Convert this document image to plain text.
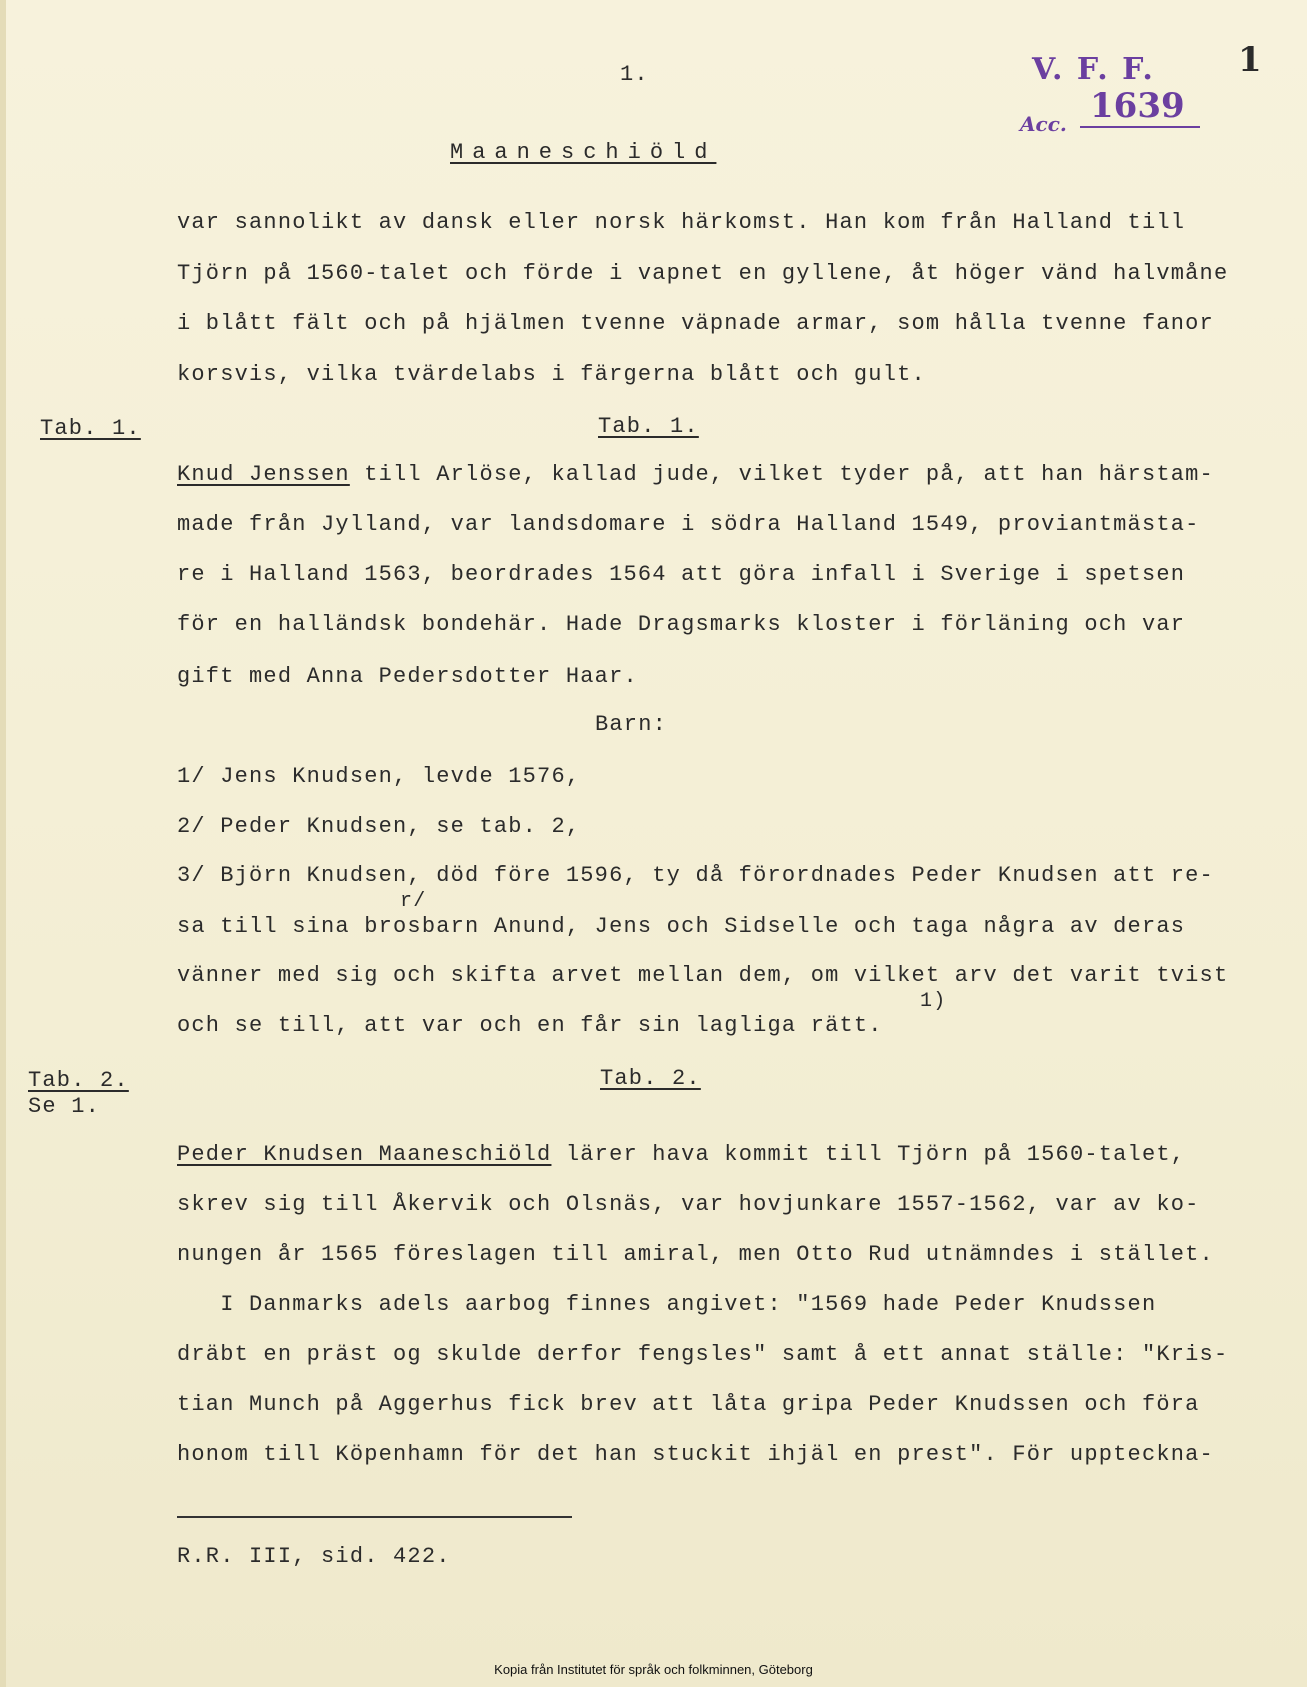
1.	V. F. F.
Acc. 1639
1
Maaneschiöld
var sannolikt av dansk eller norsk härkomst. Han kom från Halland till
Tjörn på 1560-talet och förde i vapnet en gyllene, åt höger vänd halvmåne
i blått fält och på hjälmen tvenne väpnade armar, som hålla tvenne fanor
korsvis, vilka tvärdelabs i färgerna blått och gult.
Tab. 1.	Tab. 1.
Knud Jenssen till Arlöse, kallad jude, vilket tyder på, att han härstam-
made från Jylland, var landsdomare i södra Halland 1549, proviantmästa-
re i Halland 1563, beordrades 1564 att göra infall i Sverige i spetsen
för en halländsk bondehär. Hade Dragsmarks kloster i förläning och var
gift med Anna Pedersdotter Haar.
Barn:
1/ Jens Knudsen, levde 1576,
2/ Peder Knudsen, se tab. 2,
3/ Björn Knudsen, död före 1596, ty då förordnades Peder Knudsen att re-
r/
sa till sina brosbarn Anund, Jens och Sidselle och taga några av deras
vänner med sig och skifta arvet mellan dem, om vilket arv det varit tvist
1)
och se till, att var och en får sin lagliga rätt.
Tab. 2.
Se 1.
Tab. 2.
Peder Knudsen Maaneschiöld lärer hava kommit till Tjörn på 1560-talet,
skrev sig till Åkervik och Olsnäs, var hovjunkare 1557-1562, var av ko-
nungen år 1565 föreslagen till amiral, men Otto Rud utnämndes i stället.
I Danmarks adels aarbog finnes angivet: "1569 hade Peder Knudssen
dräbt en präst og skulde derfor fengsles" samt å ett annat ställe: "Kris-
tian Munch på Aggerhus fick brev att låta gripa Peder Knudssen och föra
honom till Köpenhamn för det han stuckit ihjäl en prest". För uppteckna-
R.R. III, sid. 422.
Kopia från Institutet för språk och folkminnen, Göteborg
